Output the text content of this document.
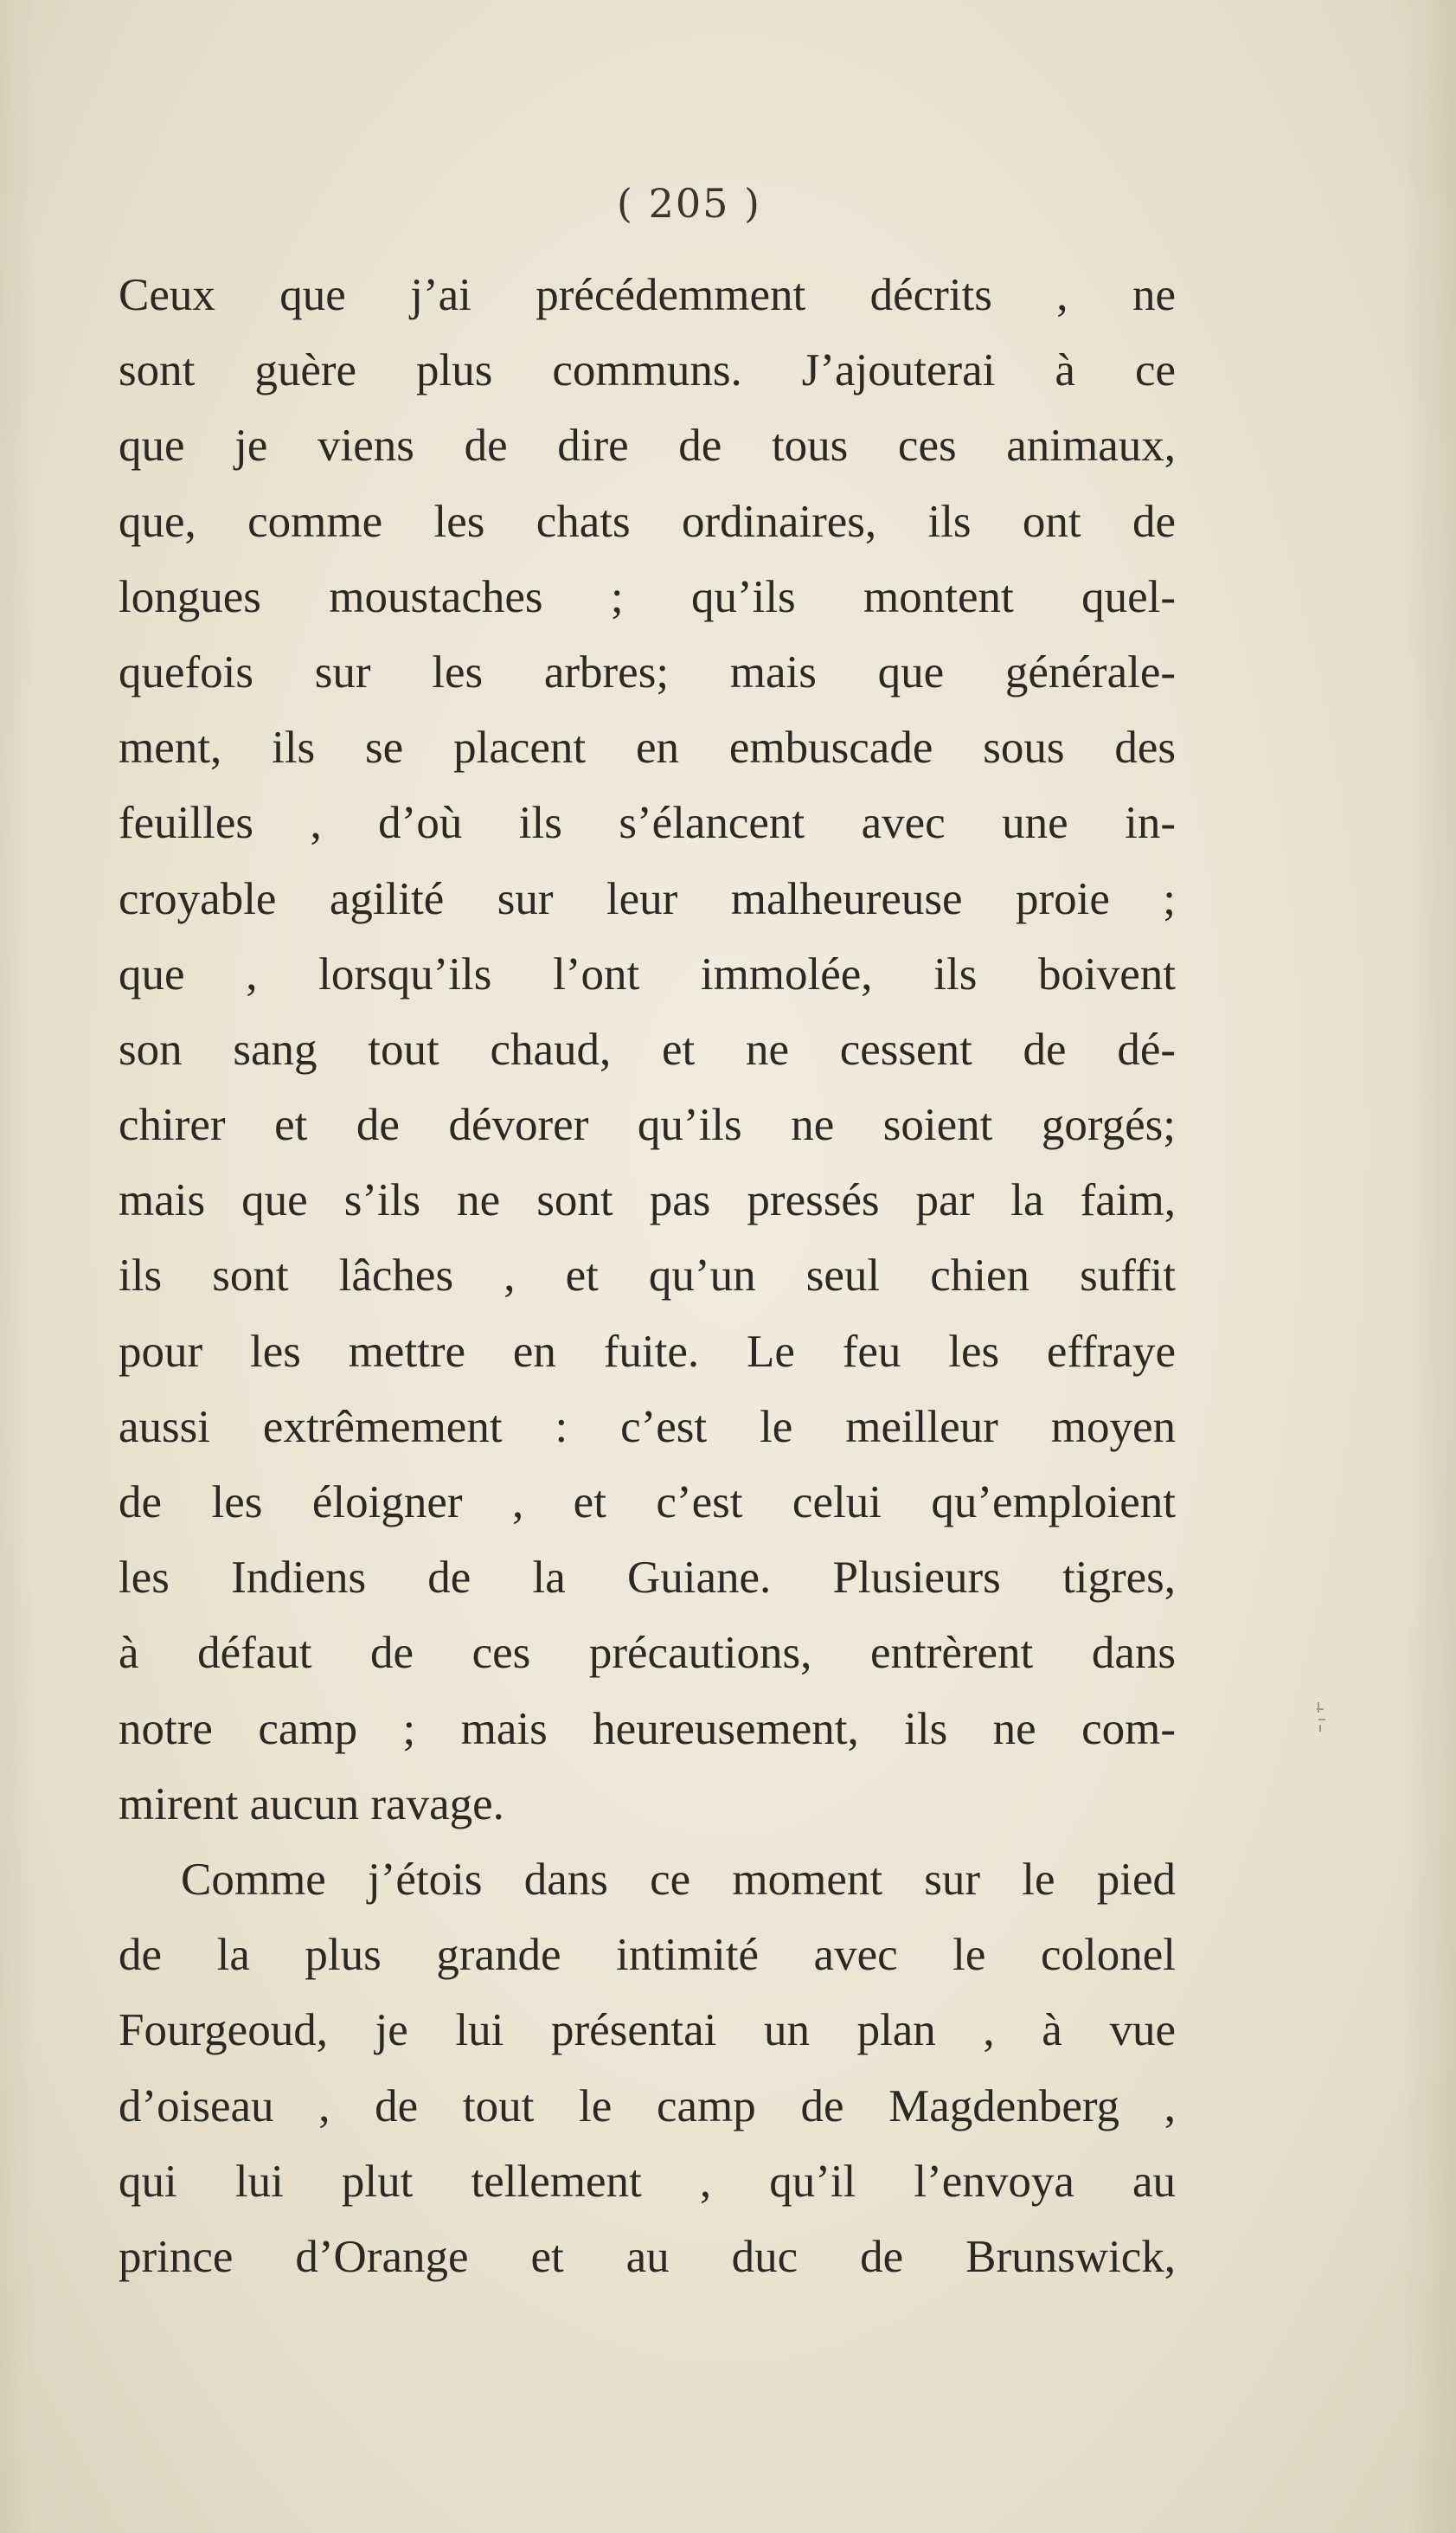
( 205 )
Ceux que j’ai précédemment décrits , ne
sont guère plus communs. J’ajouterai à ce
que je viens de dire de tous ces animaux,
que, comme les chats ordinaires, ils ont de
longues moustaches ; qu’ils montent quel-
quefois sur les arbres; mais que générale-
ment, ils se placent en embuscade sous des
feuilles , d’où ils s’élancent avec une in-
croyable agilité sur leur malheureuse proie ;
que , lorsqu’ils l’ont immolée, ils boivent
son sang tout chaud, et ne cessent de dé-
chirer et de dévorer qu’ils ne soient gorgés;
mais que s’ils ne sont pas pressés par la faim,
ils sont lâches , et qu’un seul chien suffit
pour les mettre en fuite. Le feu les effraye
aussi extrêmement : c’est le meilleur moyen
de les éloigner , et c’est celui qu’emploient
les Indiens de la Guiane. Plusieurs tigres,
à défaut de ces précautions, entrèrent dans
notre camp ; mais heureusement, ils ne com-
mirent aucun ravage.
Comme j’étois dans ce moment sur le pied
de la plus grande intimité avec le colonel
Fourgeoud, je lui présentai un plan , à vue
d’oiseau , de tout le camp de Magdenberg ,
qui lui plut tellement , qu’il l’envoya au
prince d’Orange et au duc de Brunswick,
